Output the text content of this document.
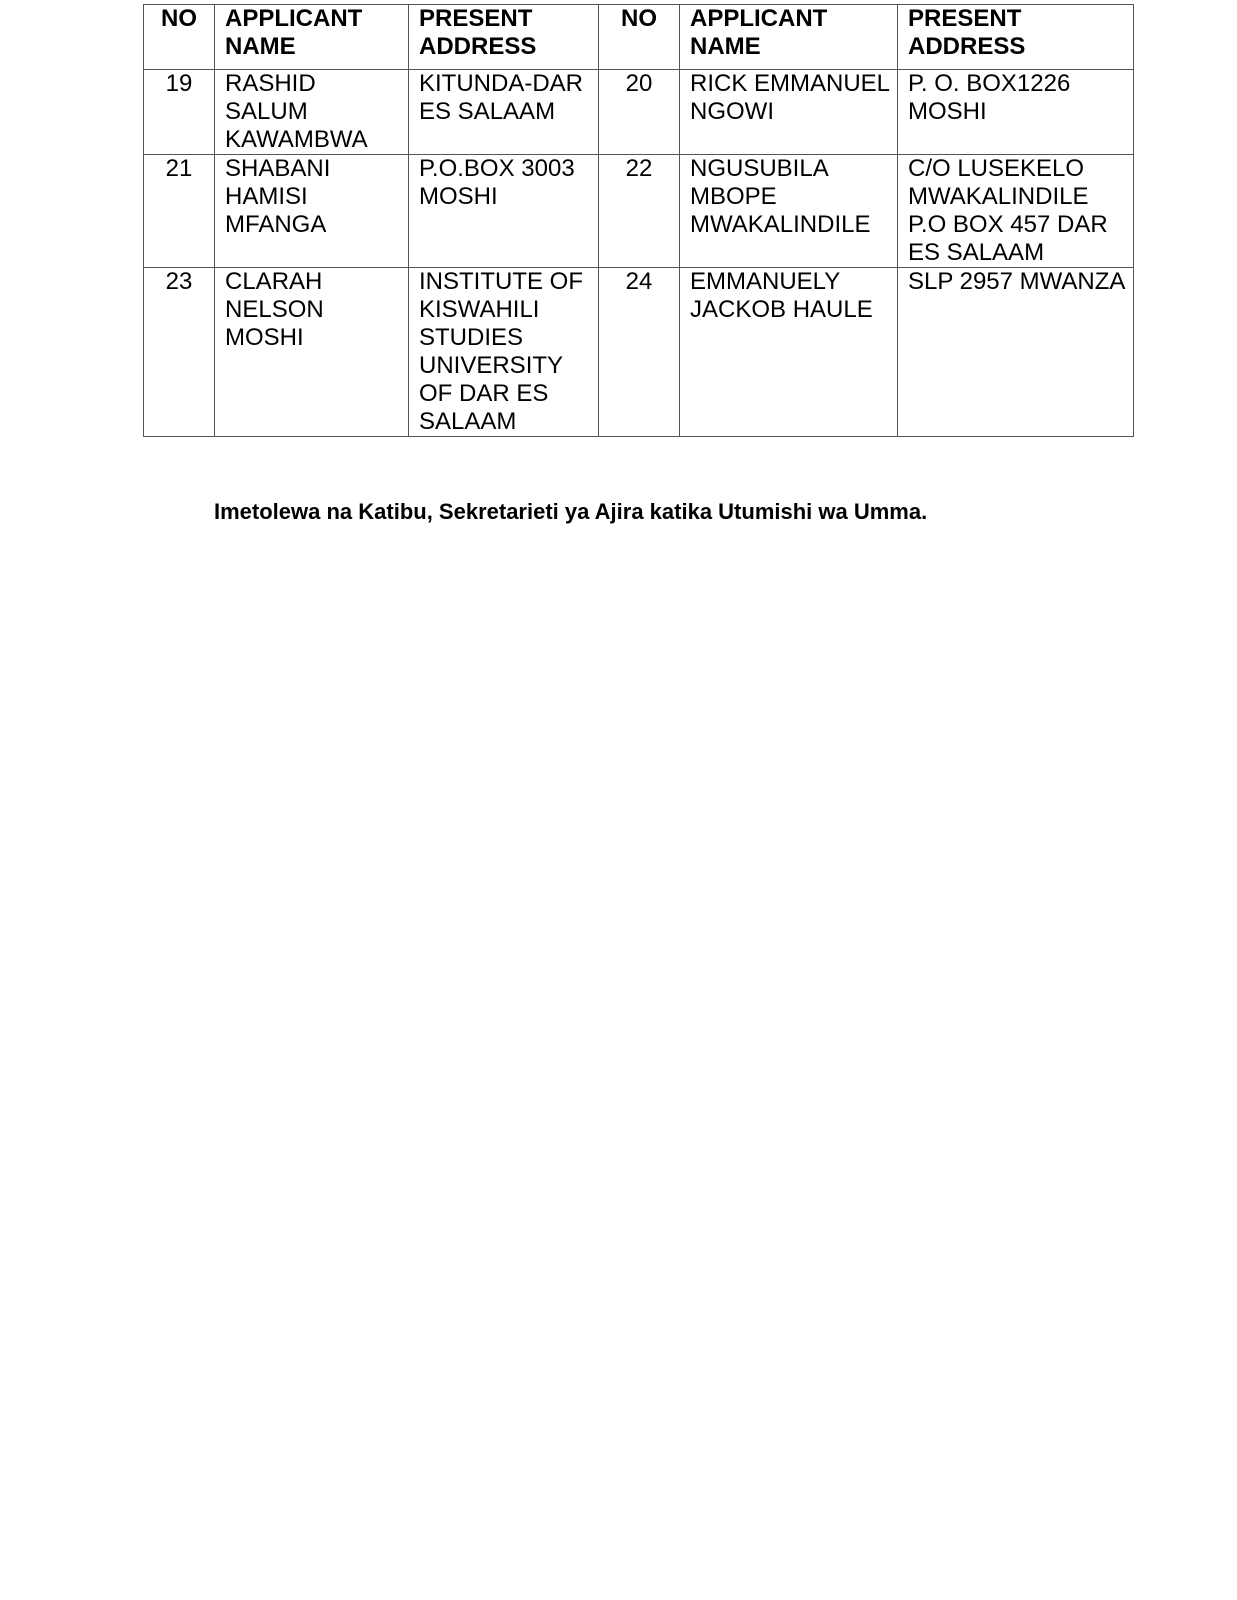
NO	APPLICANT NAME	PRESENT ADDRESS	NO	APPLICANT NAME	PRESENT ADDRESS
19	RASHID SALUM KAWAMBWA	KITUNDA-DAR ES SALAAM	20	RICK EMMANUEL NGOWI	P. O. BOX1226 MOSHI
21	SHABANI HAMISI MFANGA	P.O.BOX 3003 MOSHI	22	NGUSUBILA MBOPE MWAKALINDILE	C/O LUSEKELO MWAKALINDILE P.O BOX 457 DAR ES SALAAM
23	CLARAH NELSON MOSHI	INSTITUTE OF KISWAHILI STUDIES UNIVERSITY OF DAR ES SALAAM	24	EMMANUELY JACKOB HAULE	SLP 2957 MWANZA
Imetolewa na Katibu, Sekretarieti ya Ajira katika Utumishi wa Umma.
